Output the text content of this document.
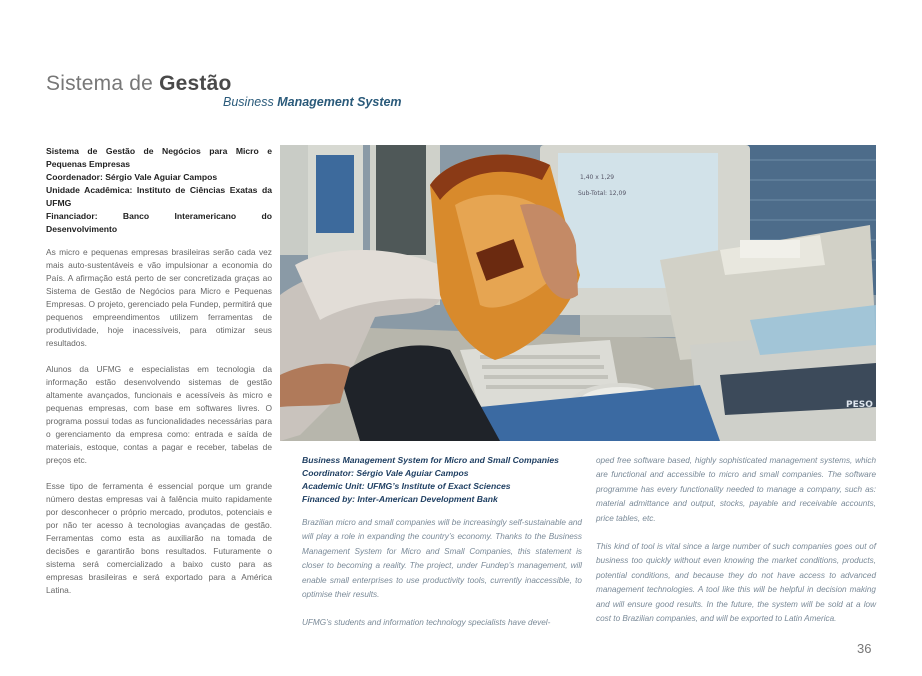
Sistema de Gestão
Business Management System
Sistema de Gestão de Negócios para Micro e Pequenas Empresas
Coordenador: Sérgio Vale Aguiar Campos
Unidade Acadêmica: Instituto de Ciências Exatas da UFMG
Financiador: Banco Interamericano do Desenvolvimento

As micro e pequenas empresas brasileiras serão cada vez mais auto-sustentáveis e vão impulsionar a economia do País. A afirmação está perto de ser concretizada graças ao Sistema de Gestão de Negócios para Micro e Pequenas Empresas. O projeto, gerenciado pela Fundep, permitirá que pequenos empreendimentos utilizem ferramentas de produtividade, hoje inacessíveis, para otimizar seus resultados.

Alunos da UFMG e especialistas em tecnologia da informação estão desenvolvendo sistemas de gestão altamente avançados, funcionais e acessíveis às micro e pequenas empresas, com base em softwares livres. O programa possui todas as funcionalidades necessárias para o gerenciamento da empresa como: entrada e saída de materiais, estoque, contas a pagar e receber, tabelas de preços etc.

Esse tipo de ferramenta é essencial porque um grande número destas empresas vai à falência muito rapidamente por desconhecer o próprio mercado, produtos, potenciais e por não ter acesso à tecnologias avançadas de gestão. Ferramentas como esta as auxiliarão na tomada de decisões e garantirão bons resultados. Futuramente o sistema será comercializado a baixo custo para as empresas brasileiras e será exportado para a América Latina.

1,40 x 1,29
Sub-Total: 12,09
PESO
Business Management System for Micro and Small Companies
Coordinator: Sérgio Vale Aguiar Campos
Academic Unit: UFMG’s Institute of Exact Sciences
Financed by: Inter-American Development Bank

Brazilian micro and small companies will be increasingly self-sustainable and will play a role in expanding the country’s economy. Thanks to the Business Management System for Micro and Small Companies, this statement is closer to becoming a reality. The project, under Fundep’s management, will enable small enterprises to use productivity tools, currently inaccessible, to optimise their results.

UFMG’s students and information technology specialists have devel-

oped free software based, highly sophisticated management systems, which are functional and accessible to micro and small companies. The software programme has every functionality needed to manage a company, such as: material admittance and output, stocks, payable and receivable accounts, price tables, etc.

This kind of tool is vital since a large number of such companies goes out of business too quickly without even knowing the market conditions, products, potential conditions, and because they do not have access to advanced management technologies. A tool like this will be helpful in decision making and will ensure good results. In the future, the system will be sold at a low cost to Brazilian companies, and will be exported to Latin America.

36
